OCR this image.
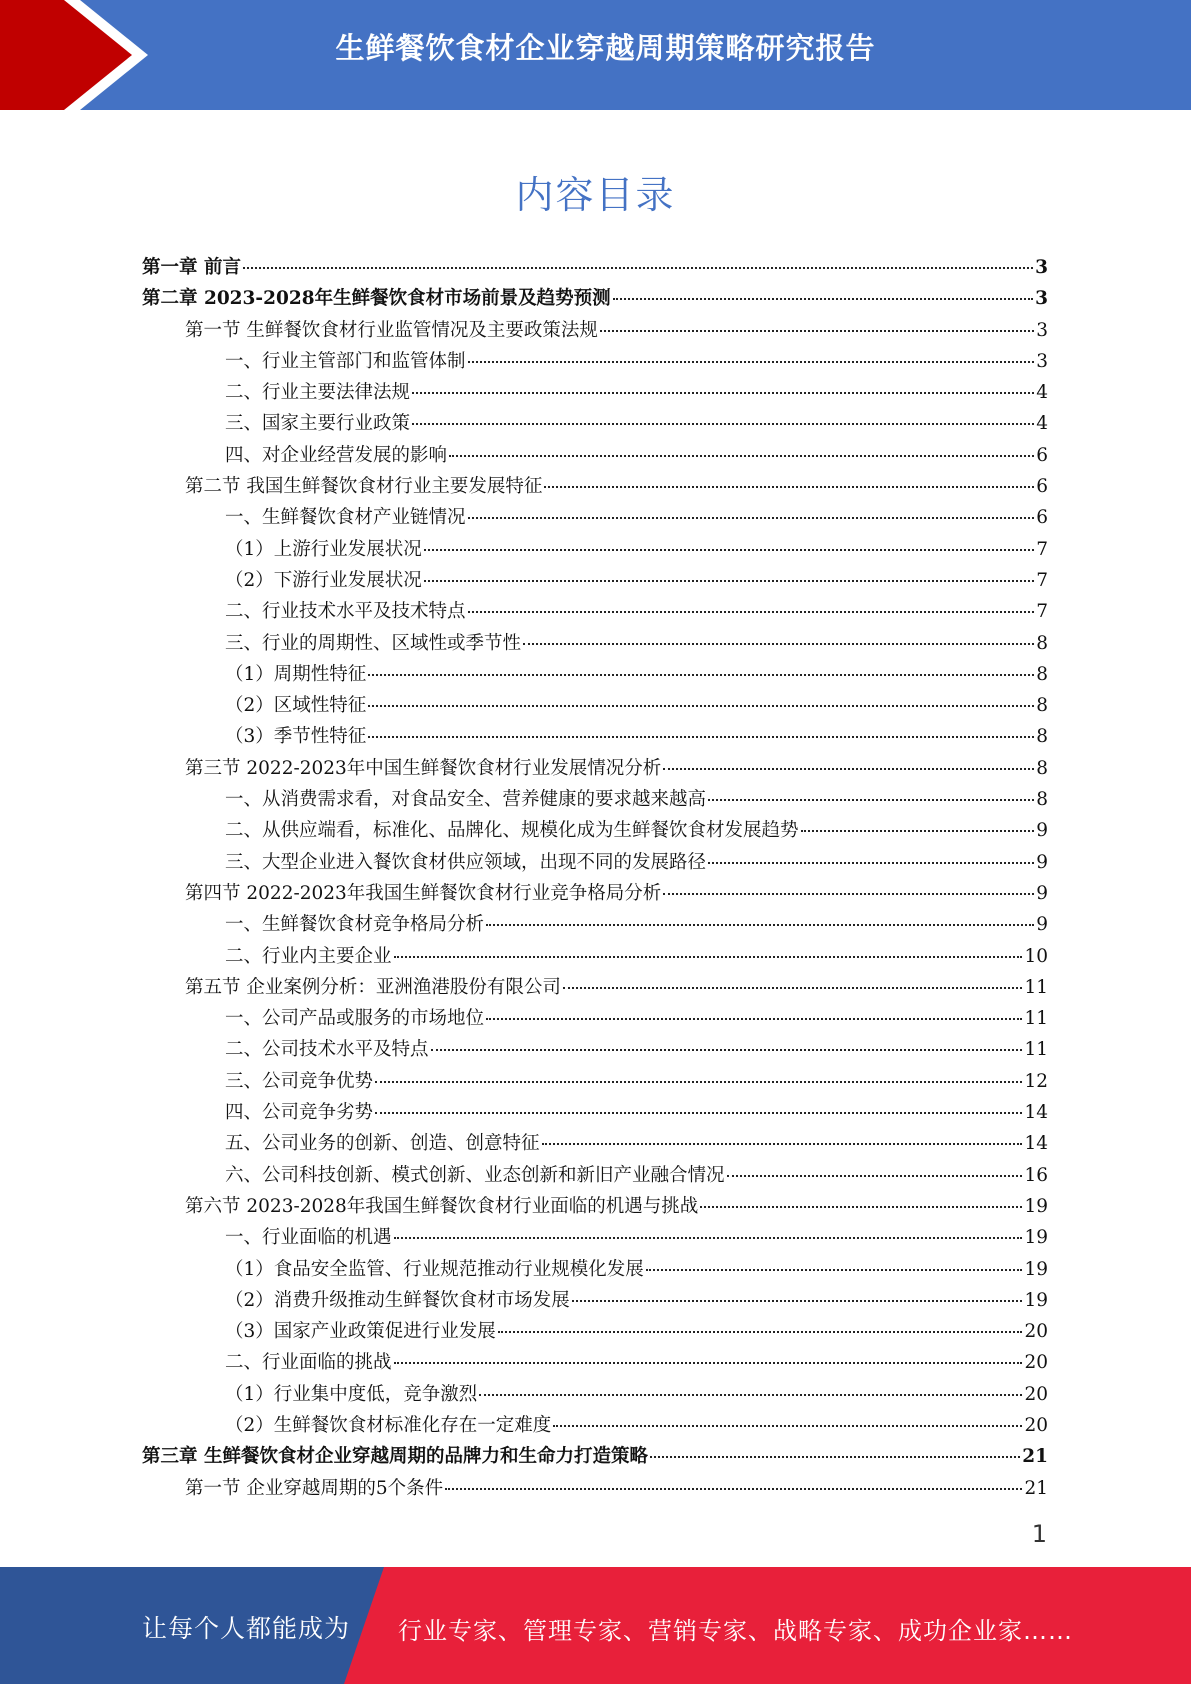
生鲜餐饮食材企业穿越周期策略研究报告
内容目录
第一章 前言	3
第二章 2023-2028年生鲜餐饮食材市场前景及趋势预测	3
第一节 生鲜餐饮食材行业监管情况及主要政策法规	3
一、行业主管部门和监管体制	3
二、行业主要法律法规	4
三、国家主要行业政策	4
四、对企业经营发展的影响	6
第二节 我国生鲜餐饮食材行业主要发展特征	6
一、生鲜餐饮食材产业链情况	6
（1）上游行业发展状况	7
（2）下游行业发展状况	7
二、行业技术水平及技术特点	7
三、行业的周期性、区域性或季节性	8
（1）周期性特征	8
（2）区域性特征	8
（3）季节性特征	8
第三节 2022-2023年中国生鲜餐饮食材行业发展情况分析	8
一、从消费需求看，对食品安全、营养健康的要求越来越高	8
二、从供应端看，标准化、品牌化、规模化成为生鲜餐饮食材发展趋势	9
三、大型企业进入餐饮食材供应领域，出现不同的发展路径	9
第四节 2022-2023年我国生鲜餐饮食材行业竞争格局分析	9
一、生鲜餐饮食材竞争格局分析	9
二、行业内主要企业	10
第五节 企业案例分析：亚洲渔港股份有限公司	11
一、公司产品或服务的市场地位	11
二、公司技术水平及特点	11
三、公司竞争优势	12
四、公司竞争劣势	14
五、公司业务的创新、创造、创意特征	14
六、公司科技创新、模式创新、业态创新和新旧产业融合情况	16
第六节 2023-2028年我国生鲜餐饮食材行业面临的机遇与挑战	19
一、行业面临的机遇	19
（1）食品安全监管、行业规范推动行业规模化发展	19
（2）消费升级推动生鲜餐饮食材市场发展	19
（3）国家产业政策促进行业发展	20
二、行业面临的挑战	20
（1）行业集中度低，竞争激烈	20
（2）生鲜餐饮食材标准化存在一定难度	20
第三章 生鲜餐饮食材企业穿越周期的品牌力和生命力打造策略	21
第一节 企业穿越周期的5个条件	21
1
让每个人都能成为 行业专家、管理专家、营销专家、战略专家、成功企业家……
